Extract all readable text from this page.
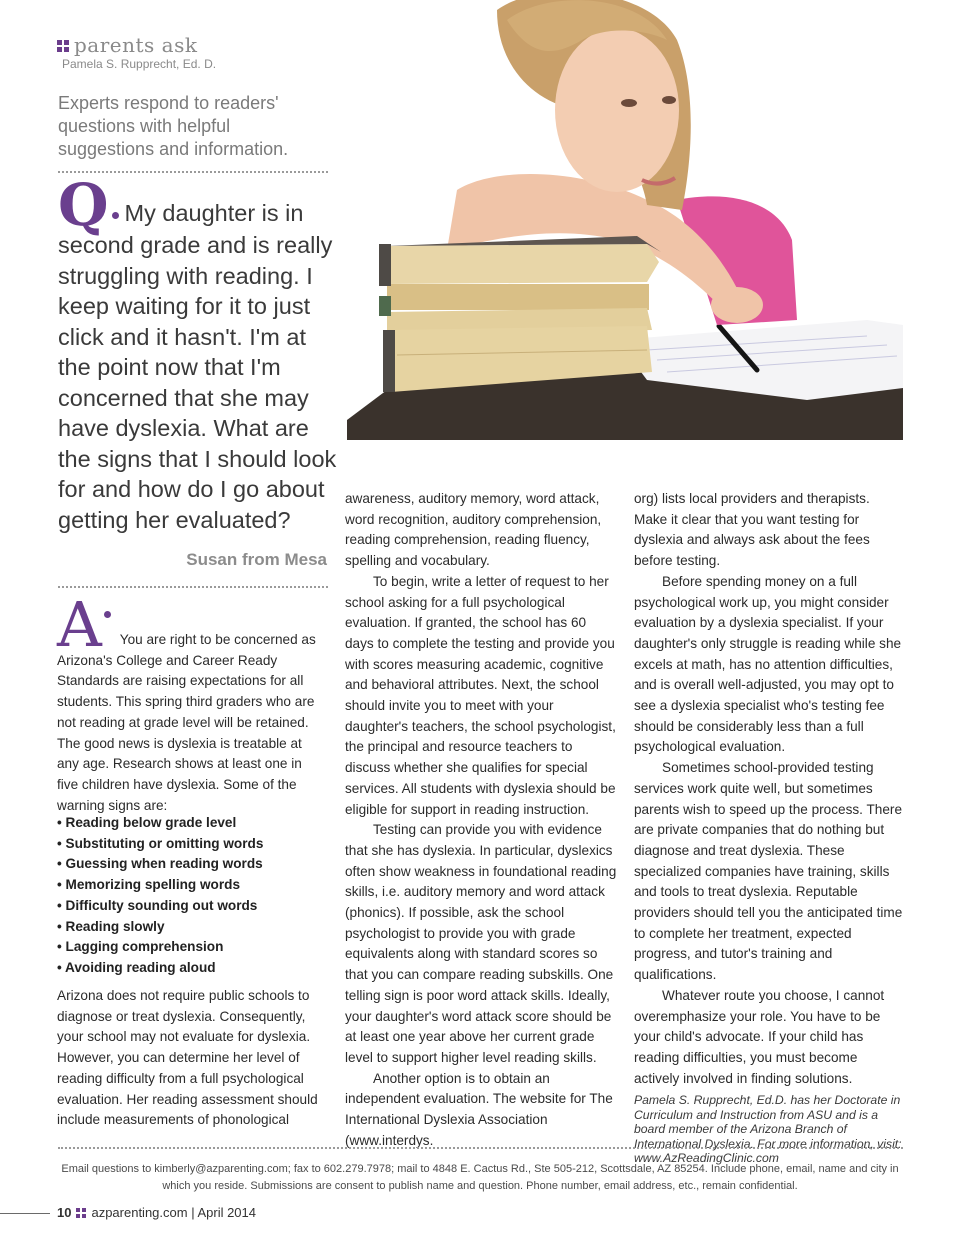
parents ask
Pamela S. Rupprecht, Ed. D.
Experts respond to readers' questions with helpful suggestions and information.
Q My daughter is in second grade and is really struggling with reading. I keep waiting for it to just click and it hasn't. I'm at the point now that I'm concerned that she may have dyslexia. What are the signs that I should look for and how do I go about getting her evaluated?
Susan from Mesa
A You are right to be concerned as Arizona's College and Career Ready Standards are raising expectations for all students. This spring third graders who are not reading at grade level will be retained. The good news is dyslexia is treatable at any age. Research shows at least one in five children have dyslexia. Some of the warning signs are:
• Reading below grade level
• Substituting or omitting words
• Guessing when reading words
• Memorizing spelling words
• Difficulty sounding out words
• Reading slowly
• Lagging comprehension
• Avoiding reading aloud
Arizona does not require public schools to diagnose or treat dyslexia. Consequently, your school may not evaluate for dyslexia. However, you can determine her level of reading difficulty from a full psychological evaluation. Her reading assessment should include measurements of phonological

awareness, auditory memory, word attack, word recognition, auditory comprehension, reading comprehension, reading fluency, spelling and vocabulary.

To begin, write a letter of request to her school asking for a full psychological evaluation. If granted, the school has 60 days to complete the testing and provide you with scores measuring academic, cognitive and behavioral attributes. Next, the school should invite you to meet with your daughter's teachers, the school psychologist, the principal and resource teachers to discuss whether she qualifies for special services. All students with dyslexia should be eligible for support in reading instruction.

Testing can provide you with evidence that she has dyslexia. In particular, dyslexics often show weakness in foundational reading skills, i.e. auditory memory and word attack (phonics). If possible, ask the school psychologist to provide you with grade equivalents along with standard scores so that you can compare reading subskills. One telling sign is poor word attack skills. Ideally, your daughter's word attack score should be at least one year above her current grade level to support higher level reading skills.

Another option is to obtain an independent evaluation. The website for The International Dyslexia Association (www.interdys.

org) lists local providers and therapists. Make it clear that you want testing for dyslexia and always ask about the fees before testing.

Before spending money on a full psychological work up, you might consider evaluation by a dyslexia specialist. If your daughter's only struggle is reading while she excels at math, has no attention difficulties, and is overall well-adjusted, you may opt to see a dyslexia specialist who's testing fee should be considerably less than a full psychological evaluation.

Sometimes school-provided testing services work quite well, but sometimes parents wish to speed up the process. There are private companies that do nothing but diagnose and treat dyslexia. These specialized companies have training, skills and tools to treat dyslexia. Reputable providers should tell you the anticipated time to complete her treatment, expected progress, and tutor's training and qualifications.

Whatever route you choose, I cannot overemphasize your role. You have to be your child's advocate. If your child has reading difficulties, you must become actively involved in finding solutions.

Pamela S. Rupprecht, Ed.D. has her Doctorate in Curriculum and Instruction from ASU and is a board member of the Arizona Branch of International Dyslexia. For more information, visit: www.AzReadingClinic.com

Email questions to kimberly@azparenting.com; fax to 602.279.7978; mail to 4848 E. Cactus Rd., Ste 505-212, Scottsdale, AZ 85254. Include phone, email, name and city in which you reside. Submissions are consent to publish name and question. Phone number, email address, etc., remain confidential.
10 azparenting.com | April 2014
